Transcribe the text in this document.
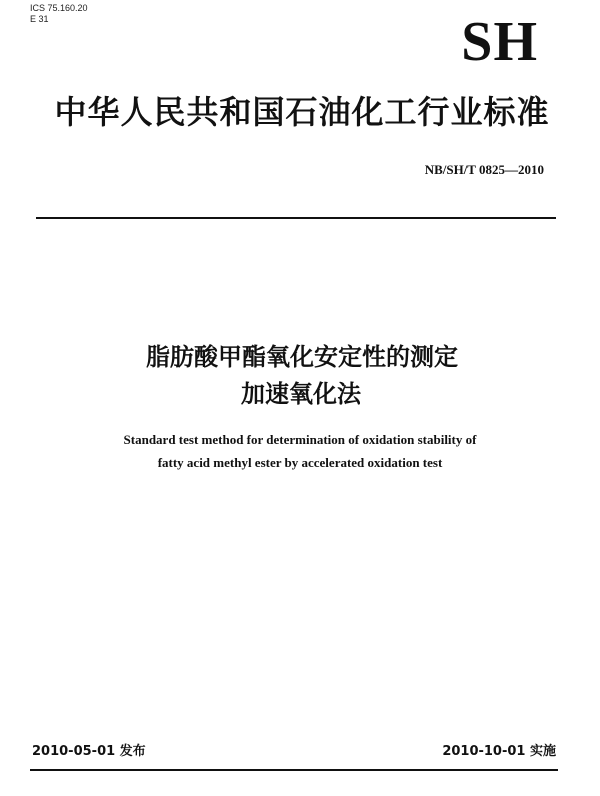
ICS 75.160.20
E 31	SH
中华人民共和国石油化工行业标准
NB/SH/T 0825—2010
脂肪酸甲酯氧化安定性的测定
加速氧化法
Standard test method for determination of oxidation stability of
fatty acid methyl ester by accelerated oxidation test
2010-05-01 发布	2010-10-01 实施
